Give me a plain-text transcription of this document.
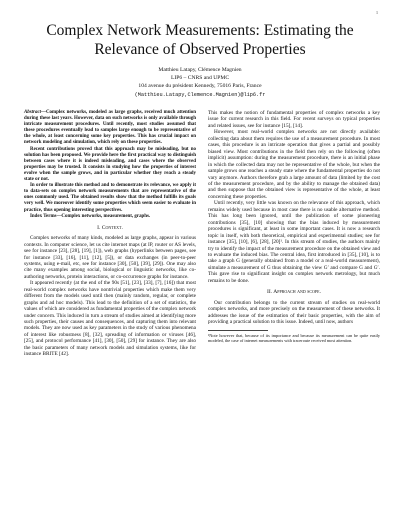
1
Complex Network Measurements: Estimating the
Relevance of Observed Properties
Matthieu Latapy, Clémence Magnien
LIP6 – CNRS and UPMC
104 avenue du président Kennedy, 75016 Paris, France
(Matthieu.Latapy,Clemence.Magnien)@lip6.fr

Abstract—Complex networks, modeled as large graphs, received much attention during these last years. However, data on such networks is only available through intricate measurement procedures. Until recently, most studies assumed that these procedures eventually lead to samples large enough to be representative of the whole, at least concerning some key properties. This has crucial impact on network modeling and simulation, which rely on these properties.

Recent contributions proved that this approach may be misleading, but no solution has been proposed. We provide here the first practical way to distinguish between cases where it is indeed misleading, and cases where the observed properties may be trusted. It consists in studying how the properties of interest evolve when the sample grows, and in particular whether they reach a steady state or not.

In order to illustrate this method and to demonstrate its relevance, we apply it to data-sets on complex network measurements that are representative of the ones commonly used. The obtained results show that the method fulfills its goals very well. We moreover identify some properties which seem easier to evaluate in practice, thus opening interesting perspectives.

Index Terms—Complex networks, measurement, graphs.

I. Context.

Complex networks of many kinds, modeled as large graphs, appear in various contexts. In computer science, let us cite internet maps (at IP, router or AS levels, see for instance [23], [28], [19], [1]), web graphs (hyperlinks between pages, see for instance [33], [16], [11], [12], [5]), or data exchanges (in peer-to-peer systems, using e-mail, etc, see for instance [30], [50], [39], [29]). One may also cite many examples among social, biological or linguistic networks, like co-authoring networks, protein interactions, or co-occurrence graphs for instance.

It appeared recently (at the end of the 90s [51], [23], [33], [7], [16]) that most real-world complex networks have nontrivial properties which make them very different from the models used until then (mainly random, regular, or complete graphs and ad hoc models). This lead to the definition of a set of statistics, the values of which are considered as fundamental properties of the complex network under concern. This induced in turn a stream of studies aimed at identifying more such properties, their causes and consequences, and capturing them into relevant models. They are now used as key parameters in the study of various phenomena of interest like robustness [8], [32], spreading of information or viruses [46], [25], and protocol performance [41], [30], [50], [29] for instance. They are also the basic parameters of many network models and simulation systems, like for instance BRITE [42].

This makes the notion of fundamental properties of complex networks a key issue for current research in this field. For recent surveys on typical properties and related issues, see for instance [15], [14].

However, most real-world complex networks are not directly available: collecting data about them requires the use of a measurement procedure. In most cases, this procedure is an intricate operation that gives a partial and possibly biased view. Most contributions in the field then rely on the following (often implicit) assumption: during the measurement procedure, there is an initial phase in which the collected data may not be representative of the whole, but when the sample grows one reaches a steady state where the fundamental properties do not vary anymore. Authors therefore grab a large amount of data (limited by the cost of the measurement procedure, and by the ability to manage the obtained data) and then suppose that the obtained view is representative of the whole, at least concerning these properties.

Until recently, very little was known on the relevance of this approach, which remains widely used because in most case there is no usable alternative method. This has long been ignored, until the publication of some pioneering contributions [35], [10] showing that the bias induced by measurement procedures is significant, at least in some important cases. It is now a research topic in itself, with both theoretical, empirical and experimental studies; see for instance [35], [10], [6], [28], [20]¹. In this stream of studies, the authors mainly try to identify the impact of the measurement procedure on the obtained view and to evaluate the induced bias. The central idea, first introduced in [35], [10], is to take a graph G (generally obtained from a model or a real-world measurement), simulate a measurement of G thus obtaining the view G′ and compare G and G′. This gave rise to significant insight on complex network metrology, but much remains to be done.

II. Approach and scope.

Our contribution belongs to the current stream of studies on real-world complex networks, and more precisely on the measurement of these networks. It addresses the issue of the estimation of their basic properties, with the aim of providing a practical solution to this issue. Indeed, until now, authors

¹Note however that, because of its importance and because its measurement can be quite easily modeled, the case of internet measurements with traceroute received most attention.
